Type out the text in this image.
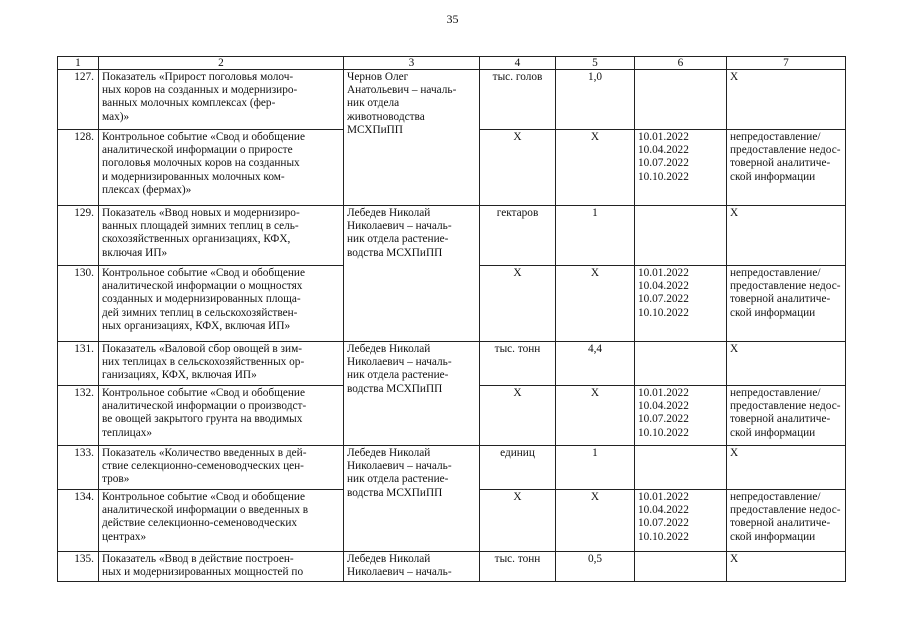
35
1	2	3	4	5	6	7
127.	Показатель «Прирост поголовья молоч-
ных коров на созданных и модернизиро-
ванных молочных комплексах (фер-
мах)»	Чернов Олег
Анатольевич – началь-
ник отдела
животноводства
МСХПиПП	тыс. голов	1,0		X

128.	Контрольное событие «Свод и обобщение
аналитической информации о приросте
поголовья молочных коров на созданных
и модернизированных молочных ком-
плексах (фермах)»		X	X	10.01.2022
10.04.2022
10.07.2022
10.10.2022	непредоставление/
предоставление недос-
товерной аналитиче-
ской информации

129.	Показатель «Ввод новых и модернизиро-
ванных площадей зимних теплиц в сель-
скохозяйственных организациях, КФХ,
включая ИП»	Лебедев Николай
Николаевич – началь-
ник отдела растение-
водства МСХПиПП	гектаров	1		X

130.	Контрольное событие «Свод и обобщение
аналитической информации о мощностях
созданных и модернизированных площа-
дей зимних теплиц в сельскохозяйствен-
ных организациях, КФХ, включая ИП»		X	X	10.01.2022
10.04.2022
10.07.2022
10.10.2022	непредоставление/
предоставление недос-
товерной аналитиче-
ской информации

131.	Показатель «Валовой сбор овощей в зим-
них теплицах в сельскохозяйственных ор-
ганизациях, КФХ, включая ИП»	Лебедев Николай
Николаевич – началь-
ник отдела растение-
водства МСХПиПП	тыс. тонн	4,4		X

132.	Контрольное событие «Свод и обобщение
аналитической информации о производст-
ве овощей закрытого грунта на вводимых
теплицах»		X	X	10.01.2022
10.04.2022
10.07.2022
10.10.2022	непредоставление/
предоставление недос-
товерной аналитиче-
ской информации

133.	Показатель «Количество введенных в дей-
ствие селекционно-семеноводческих цен-
тров»	Лебедев Николай
Николаевич – началь-
ник отдела растение-
водства МСХПиПП	единиц	1		X

134.	Контрольное событие «Свод и обобщение
аналитической информации о введенных в
действие селекционно-семеноводческих
центрах»		X	X	10.01.2022
10.04.2022
10.07.2022
10.10.2022	непредоставление/
предоставление недос-
товерной аналитиче-
ской информации

135.	Показатель «Ввод в действие построен-
ных и модернизированных мощностей по	Лебедев Николай
Николаевич – началь-	тыс. тонн	0,5		X
